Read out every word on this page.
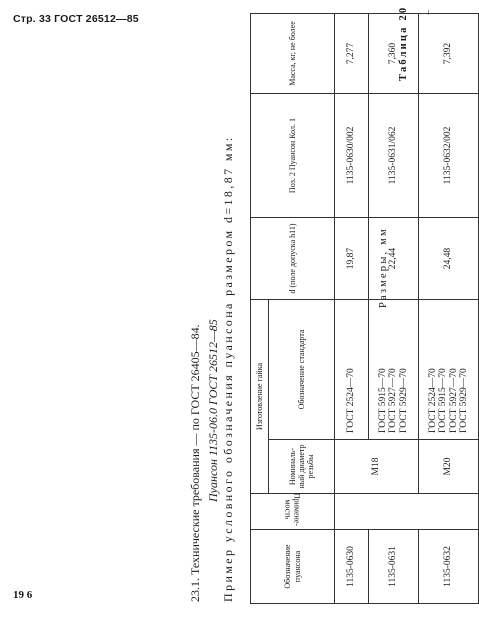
Стр. 33 ГОСТ 26512—85
19 6
Таблица 20
Размеры, мм
Обозначение пуансона	Примене-мость	Изготовление гайка		d (поле допуска h11)	Поз. 2 Пуансон Кол. 1	Масса, кг, не более
		Номиналь-ный диаметр резьбы	Обозначение стандарта			
1135-0630		M18	ГОСТ 2524—70	19,87	1135-0630/002	7,277
1135-0631			ГОСТ 5915—70 ГОСТ 5927—70 ГОСТ 5929—70	22,44	1135-0631/062	7,360
1135-0632		M20	ГОСТ 2524—70 ГОСТ 5915—70 ГОСТ 5927—70 ГОСТ 5929—70	24,48	1135-0632/002	7,392
Пример условного обозначения пуансона размером d=18,87 мм:
Пуансон 1135-06.0 ГОСТ 26512—85
23.1. Технические требования — по ГОСТ 26405—84.
